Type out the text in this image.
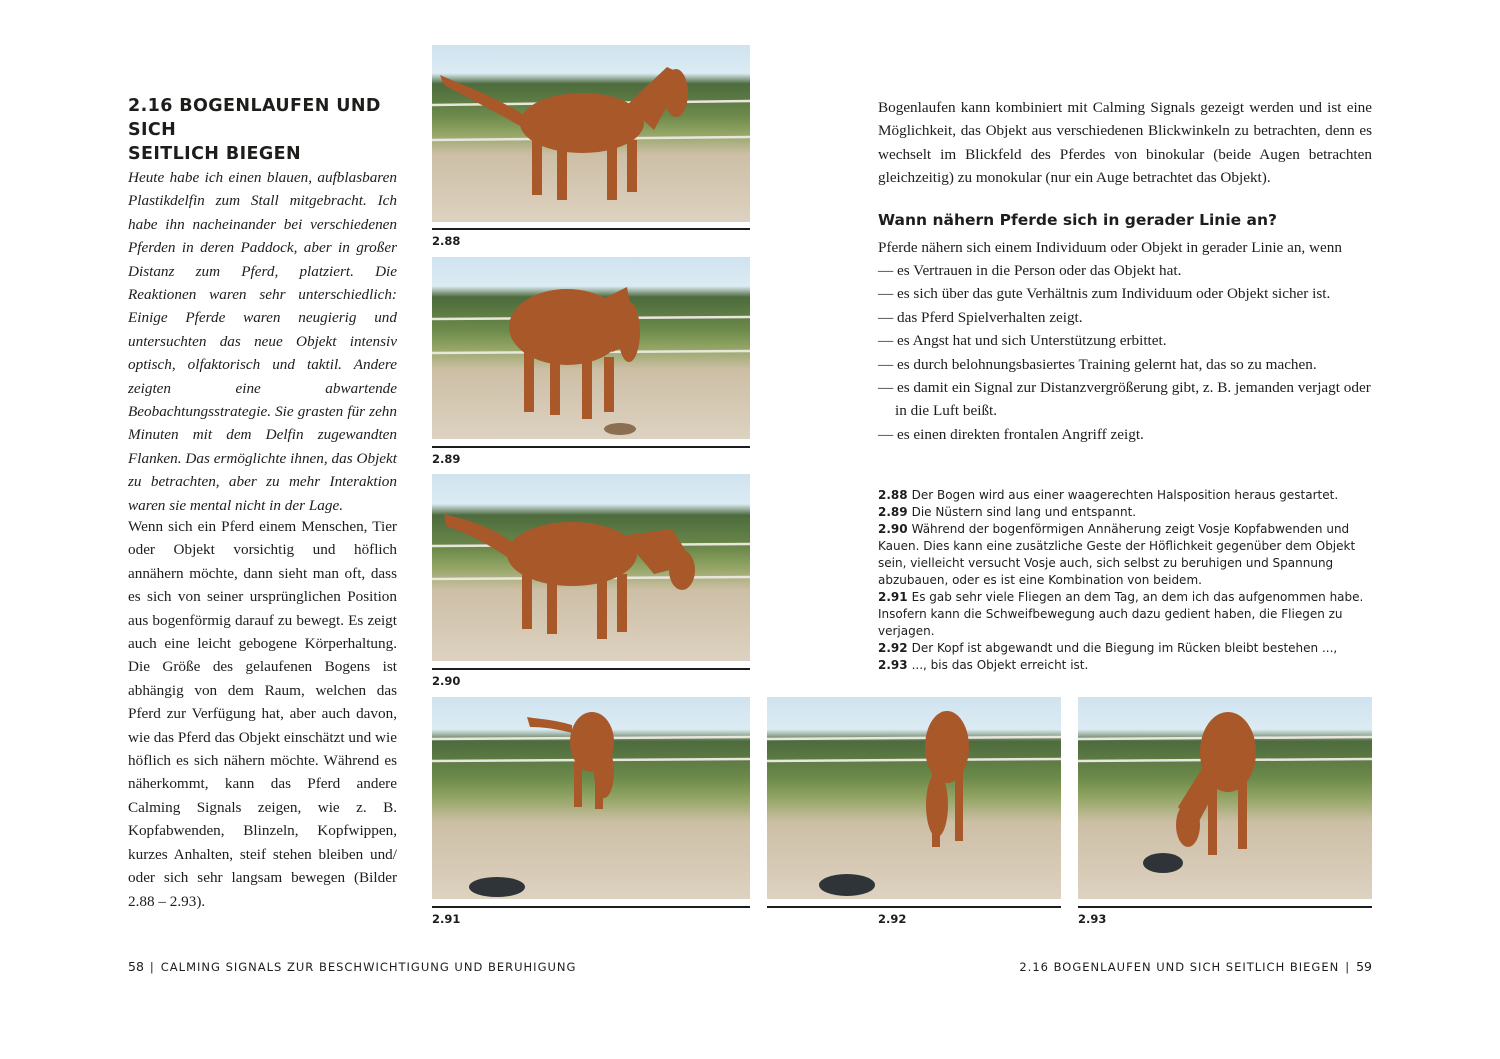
2.16 BOGENLAUFEN UND SICH
SEITLICH BIEGEN
Heute habe ich einen blauen, aufblasbaren Plastikdelfin zum Stall mitgebracht. Ich habe ihn nacheinander bei verschiedenen Pferden in deren Paddock, aber in großer Distanz zum Pferd, platziert. Die Reaktionen waren sehr unterschiedlich: Einige Pferde waren neugierig und untersuchten das neue Objekt intensiv optisch, olfaktorisch und taktil. Andere zeigten eine abwartende Beobachtungsstrategie. Sie grasten für zehn Minuten mit dem Delfin zugewandten Flanken. Das ermöglichte ihnen, das Objekt zu betrachten, aber zu mehr Interaktion waren sie mental nicht in der Lage.
Wenn sich ein Pferd einem Menschen, Tier oder Objekt vorsichtig und höflich annähern möchte, dann sieht man oft, dass es sich von seiner ursprünglichen Position aus bogenförmig darauf zu bewegt. Es zeigt auch eine leicht gebogene Körperhaltung. Die Größe des gelaufenen Bogens ist abhängig von dem Raum, welchen das Pferd zur Verfügung hat, aber auch davon, wie das Pferd das Objekt einschätzt und wie höflich es sich nähern möchte. Während es näherkommt, kann das Pferd andere Calming Signals zeigen, wie z. B. Kopfabwenden, Blinzeln, Kopfwippen, kurzes Anhalten, steif stehen bleiben und/ oder sich sehr langsam bewegen (Bilder 2.88 – 2.93).
2.88
2.89
2.90
2.91	2.92	2.93
Bogenlaufen kann kombiniert mit Calming Signals gezeigt werden und ist eine Möglichkeit, das Objekt aus verschiedenen Blickwinkeln zu betrachten, denn es wechselt im Blickfeld des Pferdes von binokular (beide Augen betrachten gleichzeitig) zu monokular (nur ein Auge betrachtet das Objekt).
Wann nähern Pferde sich in gerader Linie an?
Pferde nähern sich einem Individuum oder Objekt in gerader Linie an, wenn
— es Vertrauen in die Person oder das Objekt hat.
— es sich über das gute Verhältnis zum Individuum oder Objekt sicher ist.
— das Pferd Spielverhalten zeigt.
— es Angst hat und sich Unterstützung erbittet.
— es durch belohnungsbasiertes Training gelernt hat, das so zu machen.
— es damit ein Signal zur Distanzvergrößerung gibt, z. B. jemanden verjagt oder in die Luft beißt.
— es einen direkten frontalen Angriff zeigt.
2.88 Der Bogen wird aus einer waagerechten Halsposition heraus gestartet.
2.89 Die Nüstern sind lang und entspannt.
2.90 Während der bogenförmigen Annäherung zeigt Vosje Kopfabwenden und Kauen. Dies kann eine zusätzliche Geste der Höflichkeit gegenüber dem Objekt sein, vielleicht versucht Vosje auch, sich selbst zu beruhigen und Spannung abzubauen, oder es ist eine Kombination von beidem.
2.91 Es gab sehr viele Fliegen an dem Tag, an dem ich das aufgenommen habe. Insofern kann die Schweifbewegung auch dazu gedient haben, die Fliegen zu verjagen.
2.92 Der Kopf ist abgewandt und die Biegung im Rücken bleibt bestehen ...,
2.93 ..., bis das Objekt erreicht ist.
58 | CALMING SIGNALS ZUR BESCHWICHTIGUNG UND BERUHIGUNG	2.16 BOGENLAUFEN UND SICH SEITLICH BIEGEN | 59
